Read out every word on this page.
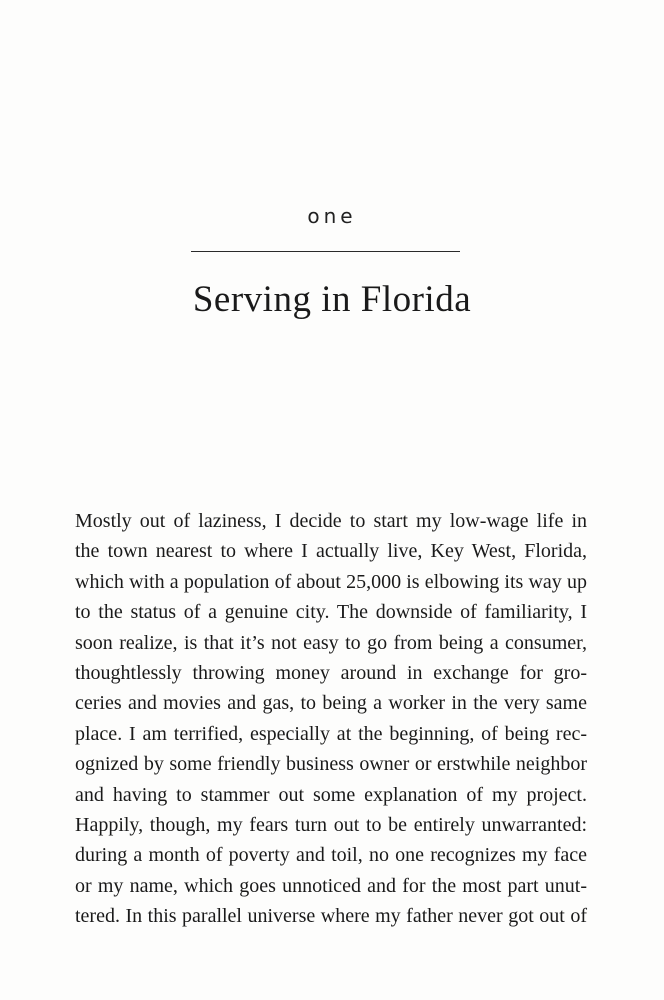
one
Serving in Florida
Mostly out of laziness, I decide to start my low-wage life in
the town nearest to where I actually live, Key West, Florida,
which with a population of about 25,000 is elbowing its way up
to the status of a genuine city. The downside of familiarity, I
soon realize, is that it’s not easy to go from being a consumer,
thoughtlessly throwing money around in exchange for gro-
ceries and movies and gas, to being a worker in the very same
place. I am terrified, especially at the beginning, of being rec-
ognized by some friendly business owner or erstwhile neighbor
and having to stammer out some explanation of my project.
Happily, though, my fears turn out to be entirely unwarranted:
during a month of poverty and toil, no one recognizes my face
or my name, which goes unnoticed and for the most part unut-
tered. In this parallel universe where my father never got out of
